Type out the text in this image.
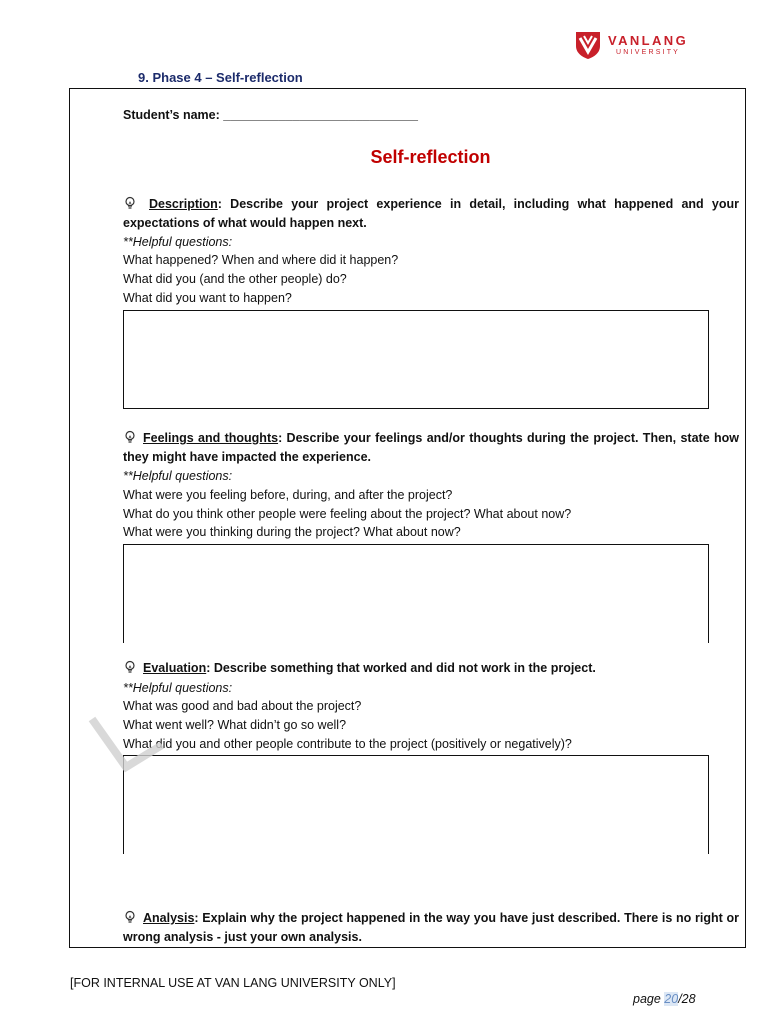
VANLANG
UNIVERSITY
9. Phase 4 – Self-reflection
Student’s name: ____________________________
Self-reflection
Description: Describe your project experience in detail, including what happened and your expectations of what would happen next.
**Helpful questions:
What happened? When and where did it happen?
What did you (and the other people) do?
What did you want to happen?
Feelings and thoughts: Describe your feelings and/or thoughts during the project. Then, state how they might have impacted the experience.
**Helpful questions:
What were you feeling before, during, and after the project?
What do you think other people were feeling about the project? What about now?
What were you thinking during the project? What about now?
Evaluation: Describe something that worked and did not work in the project.
**Helpful questions:
What was good and bad about the project?
What went well? What didn’t go so well?
What did you and other people contribute to the project (positively or negatively)?
Analysis: Explain why the project happened in the way you have just described. There is no right or wrong analysis - just your own analysis.
[FOR INTERNAL USE AT VAN LANG UNIVERSITY ONLY]
page 20/28
